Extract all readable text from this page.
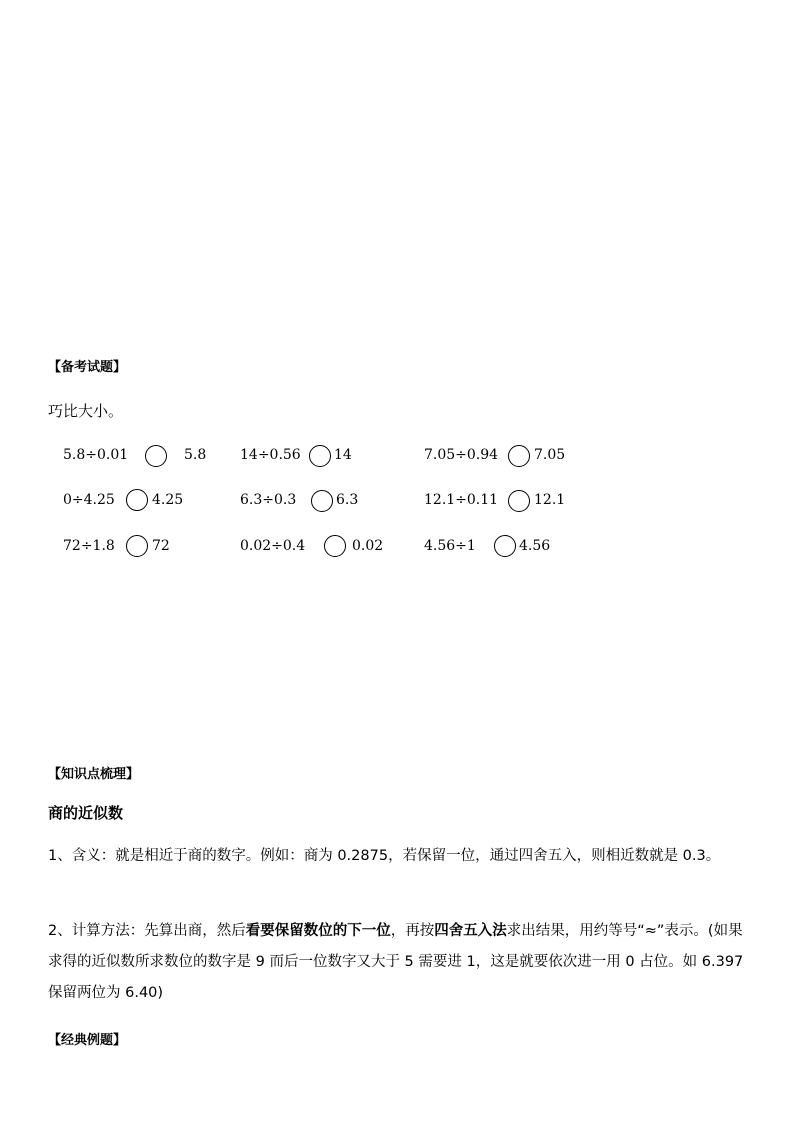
【备考试题】
巧比大小。
5.8÷0.01	5.8 14÷0.56 14	7.05÷0.94	7.05
0÷4.25	4.25	6.3÷0.3	6.3	12.1÷0.11	12.1
72÷1.8	72	0.02÷0.4	0.02	4.56÷1	4.56
【知识点梳理】
商的近似数
1、含义：就是相近于商的数字。例如：商为 0.2875，若保留一位，通过四舍五入，则相近数就是 0.3。
2、计算方法：先算出商，然后看要保留数位的下一位，再按四舍五入法求出结果，用约等号“≈”表示。(如果求得的近似数所求数位的数字是 9 而后一位数字又大于 5 需要进 1，这是就要依次进一用 0 占位。如 6.397 保留两位为 6.40)
【经典例题】
